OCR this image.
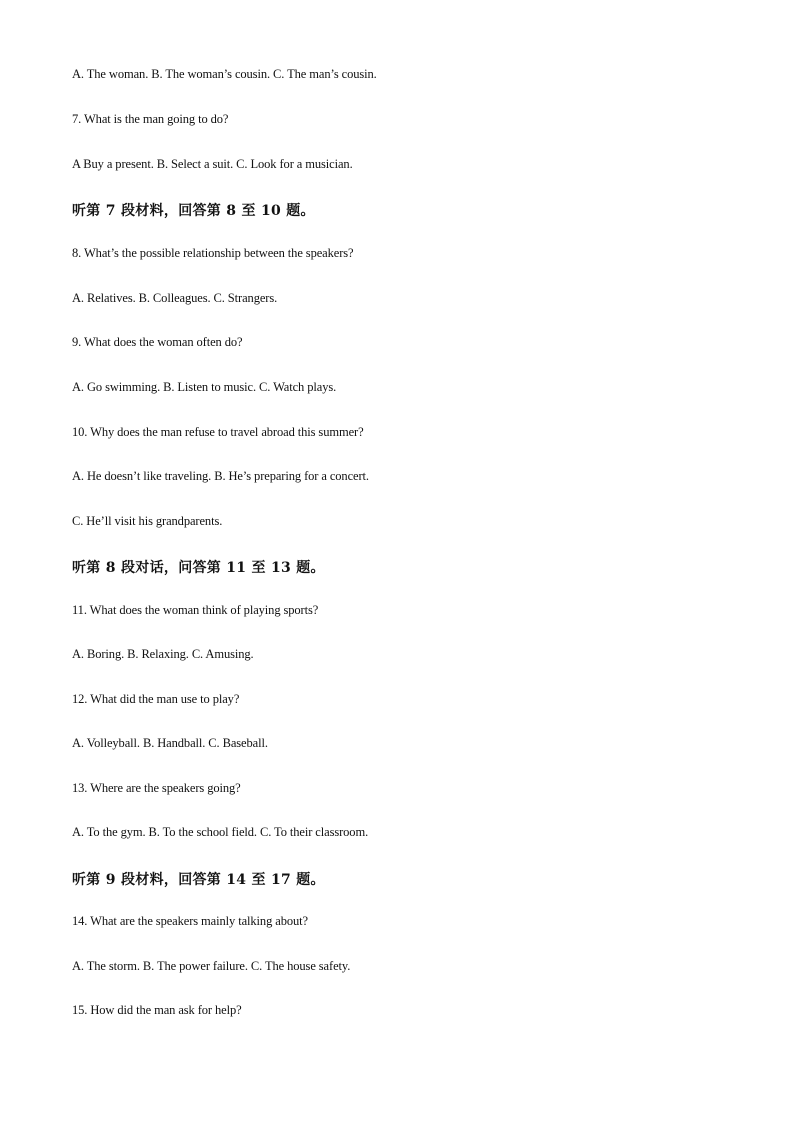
A. The woman. B. The woman’s cousin. C. The man’s cousin.
7. What is the man going to do?
A Buy a present. B. Select a suit. C. Look for a musician.
听第 7 段材料，回答第 8 至 10 题。
8. What’s the possible relationship between the speakers?
A. Relatives. B. Colleagues. C. Strangers.
9. What does the woman often do?
A. Go swimming. B. Listen to music. C. Watch plays.
10. Why does the man refuse to travel abroad this summer?
A. He doesn’t like traveling. B. He’s preparing for a concert.
C. He’ll visit his grandparents.
听第 8 段对话，问答第 11 至 13 题。
11. What does the woman think of playing sports?
A. Boring. B. Relaxing. C. Amusing.
12. What did the man use to play?
A. Volleyball. B. Handball. C. Baseball.
13. Where are the speakers going?
A. To the gym. B. To the school field. C. To their classroom.
听第 9 段材料，回答第 14 至 17 题。
14. What are the speakers mainly talking about?
A. The storm. B. The power failure. C. The house safety.
15. How did the man ask for help?
